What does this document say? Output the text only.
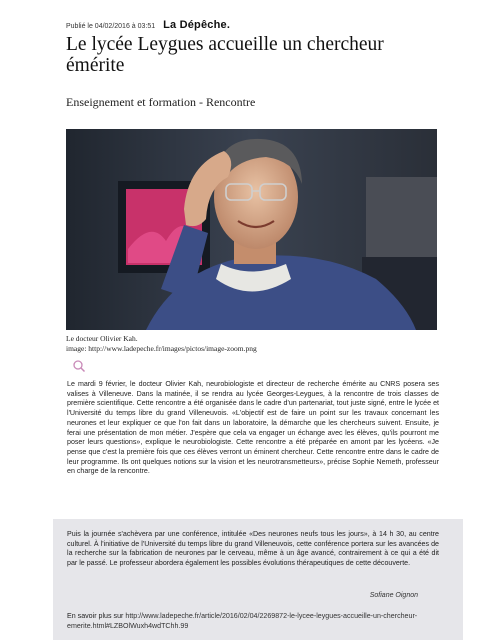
Publié le 04/02/2016 à 03:51 La Dépêche.
Le lycée Leygues accueille un chercheur émérite
Enseignement et formation - Rencontre
Le docteur Olivier Kah.
image: http://www.ladepeche.fr/images/pictos/image-zoom.png

Le mardi 9 février, le docteur Olivier Kah, neurobiologiste et directeur de recherche émérite au CNRS posera ses valises à Villeneuve. Dans la matinée, il se rendra au lycée Georges-Leygues, à la rencontre de trois classes de première scientifique. Cette rencontre a été organisée dans le cadre d'un partenariat, tout juste signé, entre le lycée et l'Université du temps libre du grand Villeneuvois. «L'objectif est de faire un point sur les travaux concernant les neurones et leur expliquer ce que l'on fait dans un laboratoire, la démarche que les chercheurs suivent. Ensuite, je ferai une présentation de mon métier. J'espère que cela va engager un échange avec les élèves, qu'ils pourront me poser leurs questions», explique le neurobiologiste. Cette rencontre a été préparée en amont par les lycéens. «Je pense que c'est la première fois que ces élèves verront un éminent chercheur. Cette rencontre entre dans le cadre de leur programme. Ils ont quelques notions sur la vision et les neurotransmetteurs», précise Sophie Nemeth, professeur en charge de la rencontre.

Puis la journée s'achèvera par une conférence, intitulée «Des neurones neufs tous les jours», à 14 h 30, au centre culturel. À l'initiative de l'Université du temps libre du grand Villeneuvois, cette conférence portera sur les avancées de la recherche sur la fabrication de neurones par le cerveau, même à un âge avancé, contrairement à ce qui a été dit par le passé. Le professeur abordera également les possibles évolutions thérapeutiques de cette découverte.

Sofiane Oignon
En savoir plus sur http://www.ladepeche.fr/article/2016/02/04/2269872-le-lycee-leygues-accueille-un-chercheur-emerite.html#LZBOlWuxh4wdTChh.99
